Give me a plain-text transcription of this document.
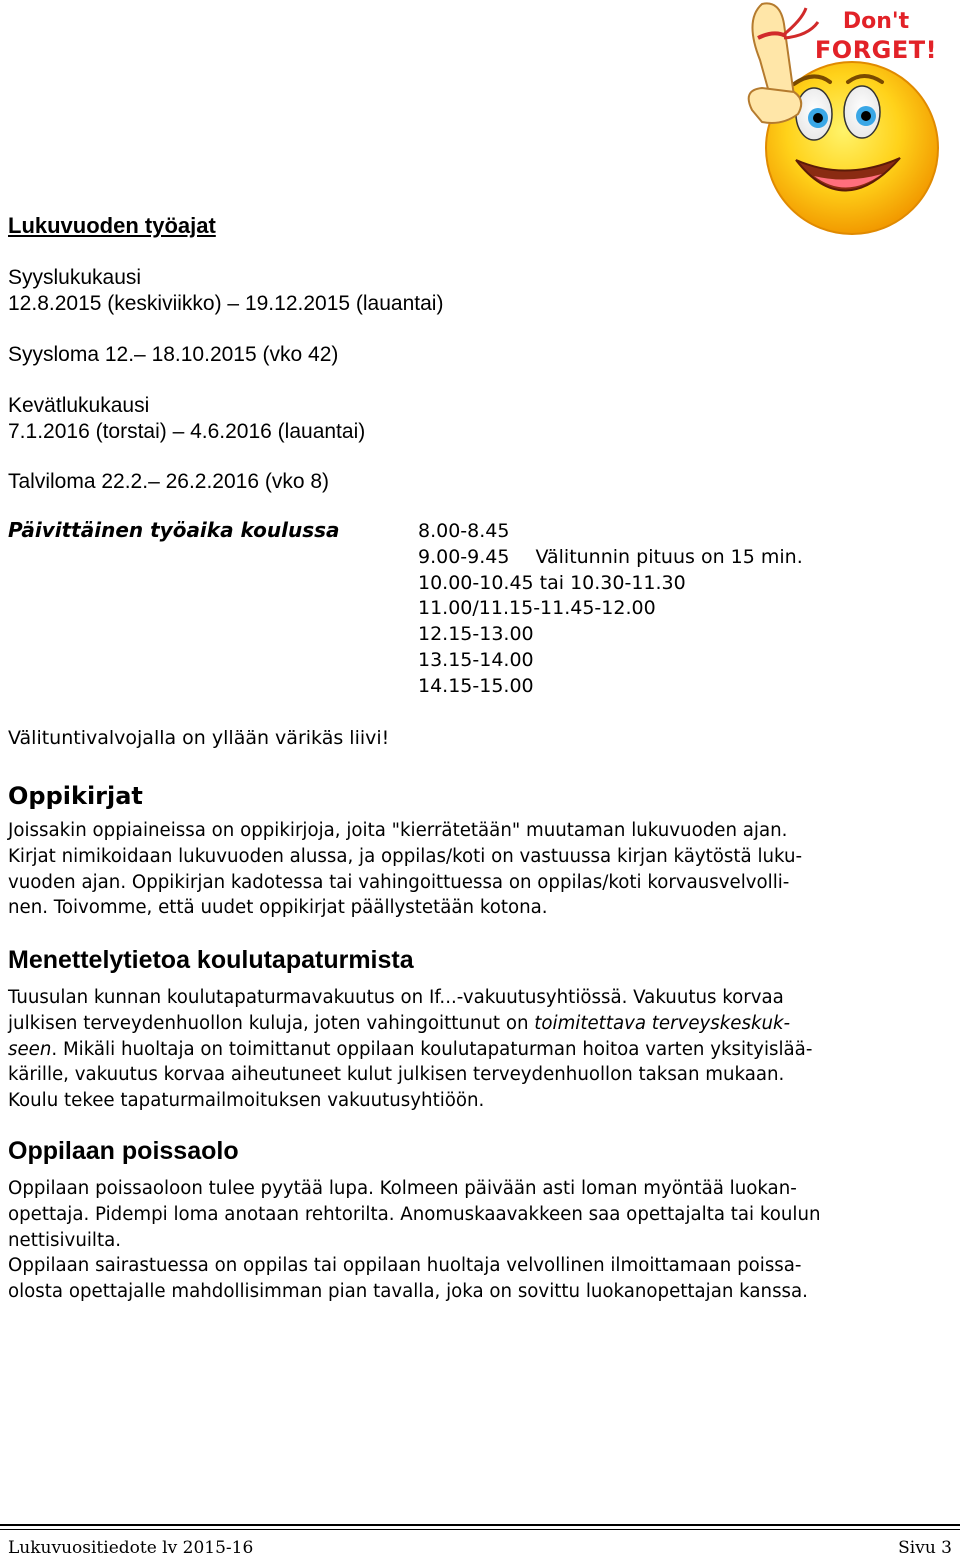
Don't
FORGET!
Lukuvuoden työajat
Syyslukukausi
12.8.2015 (keskiviikko) – 19.12.2015 (lauantai)
Syysloma 12.– 18.10.2015 (vko 42)
Kevätlukukausi
7.1.2016 (torstai) – 4.6.2016 (lauantai)
Talviloma 22.2.– 26.2.2016 (vko 8)
Päivittäinen työaika koulussa	8.00-8.45
9.00-9.45 Välitunnin pituus on 15 min.
10.00-10.45 tai 10.30-11.30
11.00/11.15-11.45-12.00
12.15-13.00
13.15-14.00
14.15-15.00
Välituntivalvojalla on yllään värikäs liivi!
Oppikirjat

Joissakin oppiaineissa on oppikirjoja, joita "kierrätetään" muutaman lukuvuoden ajan.

Kirjat nimikoidaan lukuvuoden alussa, ja oppilas/koti on vastuussa kirjan käytöstä luku-

vuoden ajan. Oppikirjan kadotessa tai vahingoittuessa on oppilas/koti korvausvelvolli-

nen. Toivomme, että uudet oppikirjat päällystetään kotona.

Menettelytietoa koulutapaturmista

Tuusulan kunnan koulutapaturmavakuutus on If...-vakuutusyhtiössä. Vakuutus korvaa

julkisen terveydenhuollon kuluja, joten vahingoittunut on toimitettava terveyskeskuk-

seen. Mikäli huoltaja on toimittanut oppilaan koulutapaturman hoitoa varten yksityislää-

kärille, vakuutus korvaa aiheutuneet kulut julkisen terveydenhuollon taksan mukaan.

Koulu tekee tapaturmailmoituksen vakuutusyhtiöön.

Oppilaan poissaolo

Oppilaan poissaoloon tulee pyytää lupa. Kolmeen päivään asti loman myöntää luokan-

opettaja. Pidempi loma anotaan rehtorilta. Anomuskaavakkeen saa opettajalta tai koulun

nettisivuilta.

Oppilaan sairastuessa on oppilas tai oppilaan huoltaja velvollinen ilmoittamaan poissa-

olosta opettajalle mahdollisimman pian tavalla, joka on sovittu luokanopettajan kanssa.

Lukuvuositiedote lv 2015-16	Sivu 3
